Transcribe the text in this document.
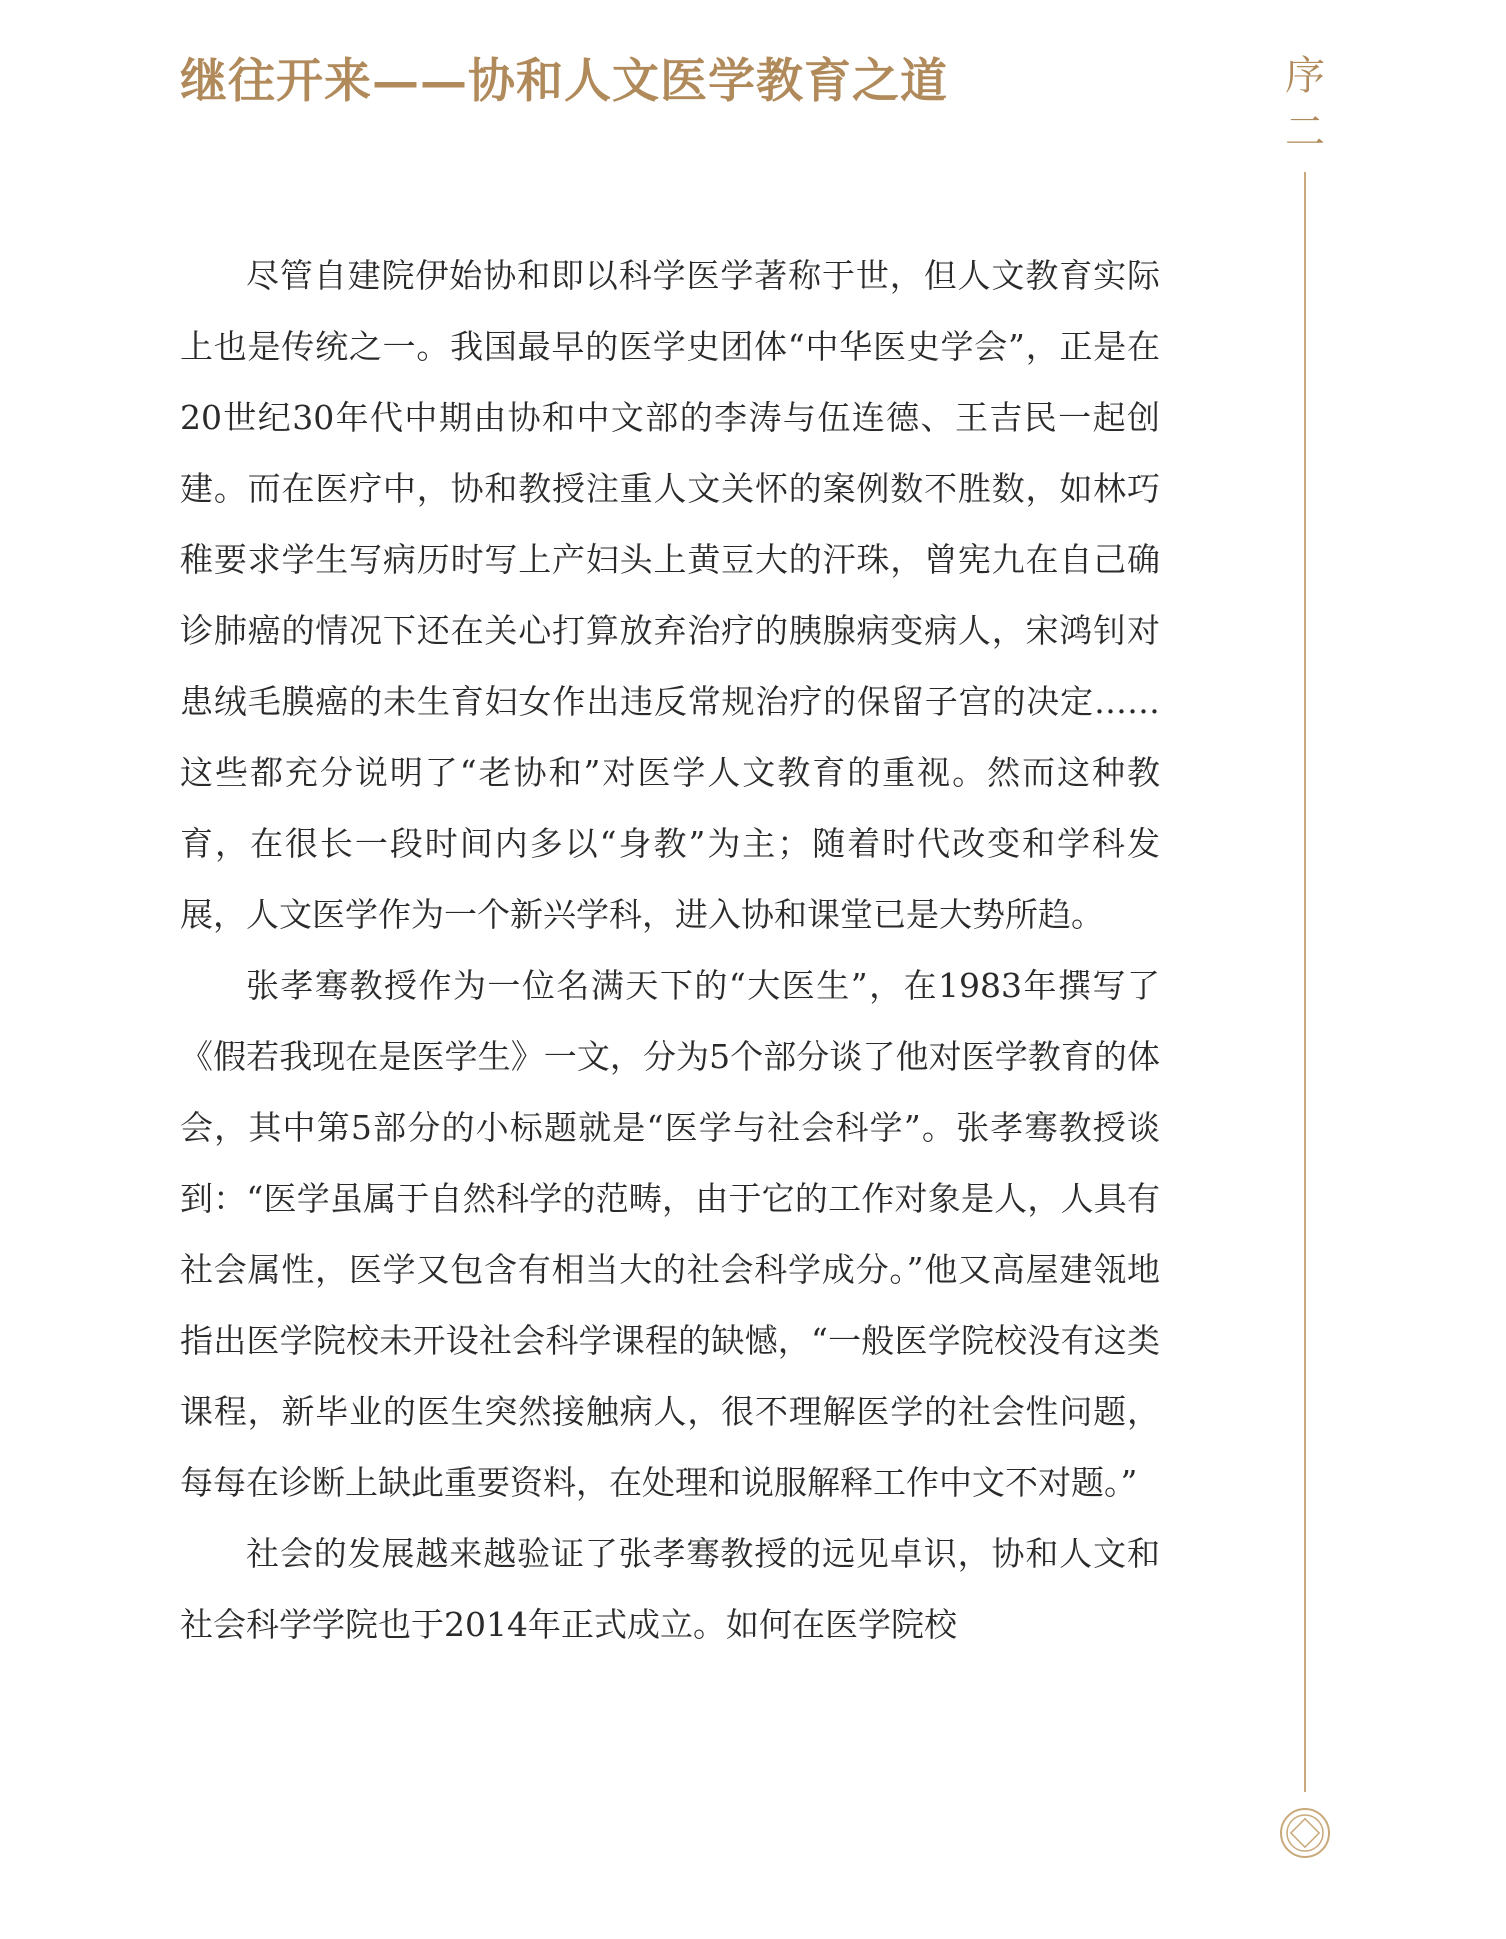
继往开来——协和人文医学教育之道	序
二

尽管自建院伊始协和即以科学医学著称于世，但人文教育实际上也是传统之一。我国最早的医学史团体“中华医史学会”，正是在20世纪30年代中期由协和中文部的李涛与伍连德、王吉民一起创建。而在医疗中，协和教授注重人文关怀的案例数不胜数，如林巧稚要求学生写病历时写上产妇头上黄豆大的汗珠，曾宪九在自己确诊肺癌的情况下还在关心打算放弃治疗的胰腺病变病人，宋鸿钊对患绒毛膜癌的未生育妇女作出违反常规治疗的保留子宫的决定……这些都充分说明了“老协和”对医学人文教育的重视。然而这种教育，在很长一段时间内多以“身教”为主；随着时代改变和学科发展，人文医学作为一个新兴学科，进入协和课堂已是大势所趋。

张孝骞教授作为一位名满天下的“大医生”，在1983年撰写了《假若我现在是医学生》一文，分为5个部分谈了他对医学教育的体会，其中第5部分的小标题就是“医学与社会科学”。张孝骞教授谈到：“医学虽属于自然科学的范畴，由于它的工作对象是人，人具有社会属性，医学又包含有相当大的社会科学成分。”他又高屋建瓴地指出医学院校未开设社会科学课程的缺憾，“一般医学院校没有这类课程，新毕业的医生突然接触病人，很不理解医学的社会性问题，每每在诊断上缺此重要资料，在处理和说服解释工作中文不对题。”

社会的发展越来越验证了张孝骞教授的远见卓识，协和人文和社会科学学院也于2014年正式成立。如何在医学院校
